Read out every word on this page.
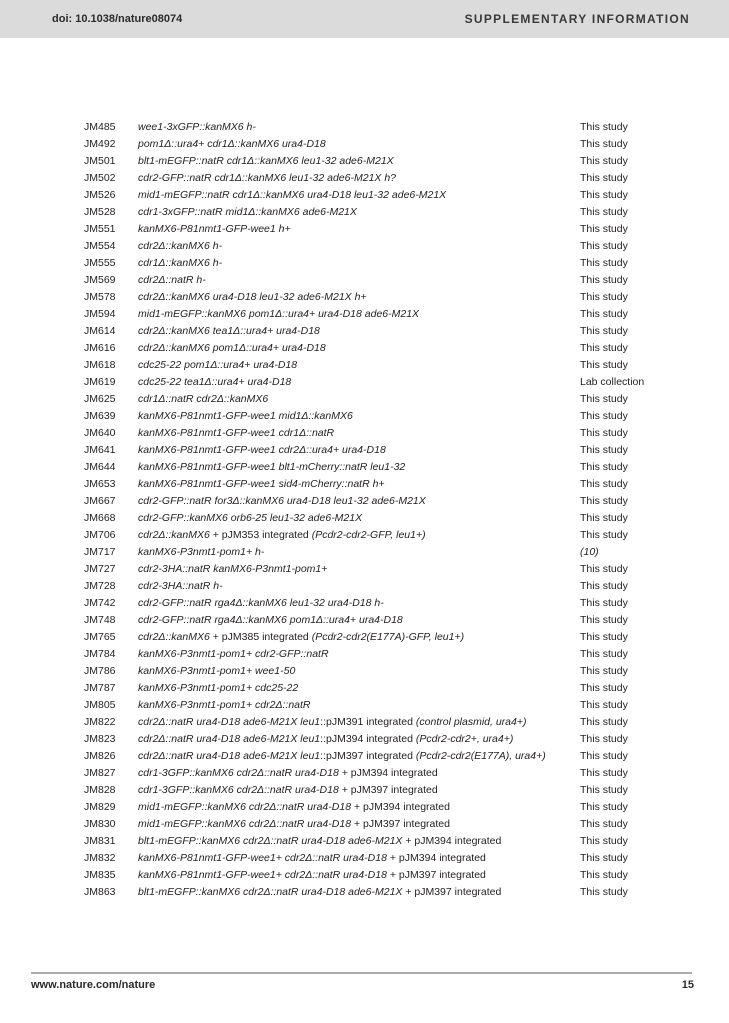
doi: 10.1038/nature08074	SUPPLEMENTARY INFORMATION
JM485	wee1-3xGFP::kanMX6 h-	This study
JM492	pom1Δ::ura4+ cdr1Δ::kanMX6 ura4-D18	This study
JM501	blt1-mEGFP::natR cdr1Δ::kanMX6 leu1-32 ade6-M21X	This study
JM502	cdr2-GFP::natR cdr1Δ::kanMX6 leu1-32 ade6-M21X h?	This study
JM526	mid1-mEGFP::natR cdr1Δ::kanMX6 ura4-D18 leu1-32 ade6-M21X	This study
JM528	cdr1-3xGFP::natR mid1Δ::kanMX6 ade6-M21X	This study
JM551	kanMX6-P81nmt1-GFP-wee1 h+	This study
JM554	cdr2Δ::kanMX6 h-	This study
JM555	cdr1Δ::kanMX6 h-	This study
JM569	cdr2Δ::natR h-	This study
JM578	cdr2Δ::kanMX6 ura4-D18 leu1-32 ade6-M21X h+	This study
JM594	mid1-mEGFP::kanMX6 pom1Δ::ura4+ ura4-D18 ade6-M21X	This study
JM614	cdr2Δ::kanMX6 tea1Δ::ura4+ ura4-D18	This study
JM616	cdr2Δ::kanMX6 pom1Δ::ura4+ ura4-D18	This study
JM618	cdc25-22 pom1Δ::ura4+ ura4-D18	This study
JM619	cdc25-22 tea1Δ::ura4+ ura4-D18	Lab collection
JM625	cdr1Δ::natR cdr2Δ::kanMX6	This study
JM639	kanMX6-P81nmt1-GFP-wee1 mid1Δ::kanMX6	This study
JM640	kanMX6-P81nmt1-GFP-wee1 cdr1Δ::natR	This study
JM641	kanMX6-P81nmt1-GFP-wee1 cdr2Δ::ura4+ ura4-D18	This study
JM644	kanMX6-P81nmt1-GFP-wee1 blt1-mCherry::natR leu1-32	This study
JM653	kanMX6-P81nmt1-GFP-wee1 sid4-mCherry::natR h+	This study
JM667	cdr2-GFP::natR for3Δ::kanMX6 ura4-D18 leu1-32 ade6-M21X	This study
JM668	cdr2-GFP::kanMX6 orb6-25 leu1-32 ade6-M21X	This study
JM706	cdr2Δ::kanMX6 + pJM353 integrated (Pcdr2-cdr2-GFP, leu1+)	This study
JM717	kanMX6-P3nmt1-pom1+ h-	(10)
JM727	cdr2-3HA::natR kanMX6-P3nmt1-pom1+	This study
JM728	cdr2-3HA::natR h-	This study
JM742	cdr2-GFP::natR rga4Δ::kanMX6 leu1-32 ura4-D18 h-	This study
JM748	cdr2-GFP::natR rga4Δ::kanMX6 pom1Δ::ura4+ ura4-D18	This study
JM765	cdr2Δ::kanMX6 + pJM385 integrated (Pcdr2-cdr2(E177A)-GFP, leu1+)	This study
JM784	kanMX6-P3nmt1-pom1+ cdr2-GFP::natR	This study
JM786	kanMX6-P3nmt1-pom1+ wee1-50	This study
JM787	kanMX6-P3nmt1-pom1+ cdc25-22	This study
JM805	kanMX6-P3nmt1-pom1+ cdr2Δ::natR	This study
JM822	cdr2Δ::natR ura4-D18 ade6-M21X leu1::pJM391 integrated (control plasmid, ura4+)	This study
JM823	cdr2Δ::natR ura4-D18 ade6-M21X leu1::pJM394 integrated (Pcdr2-cdr2+, ura4+)	This study
JM826	cdr2Δ::natR ura4-D18 ade6-M21X leu1::pJM397 integrated (Pcdr2-cdr2(E177A), ura4+)	This study
JM827	cdr1-3GFP::kanMX6 cdr2Δ::natR ura4-D18 + pJM394 integrated	This study
JM828	cdr1-3GFP::kanMX6 cdr2Δ::natR ura4-D18 + pJM397 integrated	This study
JM829	mid1-mEGFP::kanMX6 cdr2Δ::natR ura4-D18 + pJM394 integrated	This study
JM830	mid1-mEGFP::kanMX6 cdr2Δ::natR ura4-D18 + pJM397 integrated	This study
JM831	blt1-mEGFP::kanMX6 cdr2Δ::natR ura4-D18 ade6-M21X + pJM394 integrated	This study
JM832	kanMX6-P81nmt1-GFP-wee1+ cdr2Δ::natR ura4-D18 + pJM394 integrated	This study
JM835	kanMX6-P81nmt1-GFP-wee1+ cdr2Δ::natR ura4-D18 + pJM397 integrated	This study
JM863	blt1-mEGFP::kanMX6 cdr2Δ::natR ura4-D18 ade6-M21X + pJM397 integrated	This study
www.nature.com/nature	15
